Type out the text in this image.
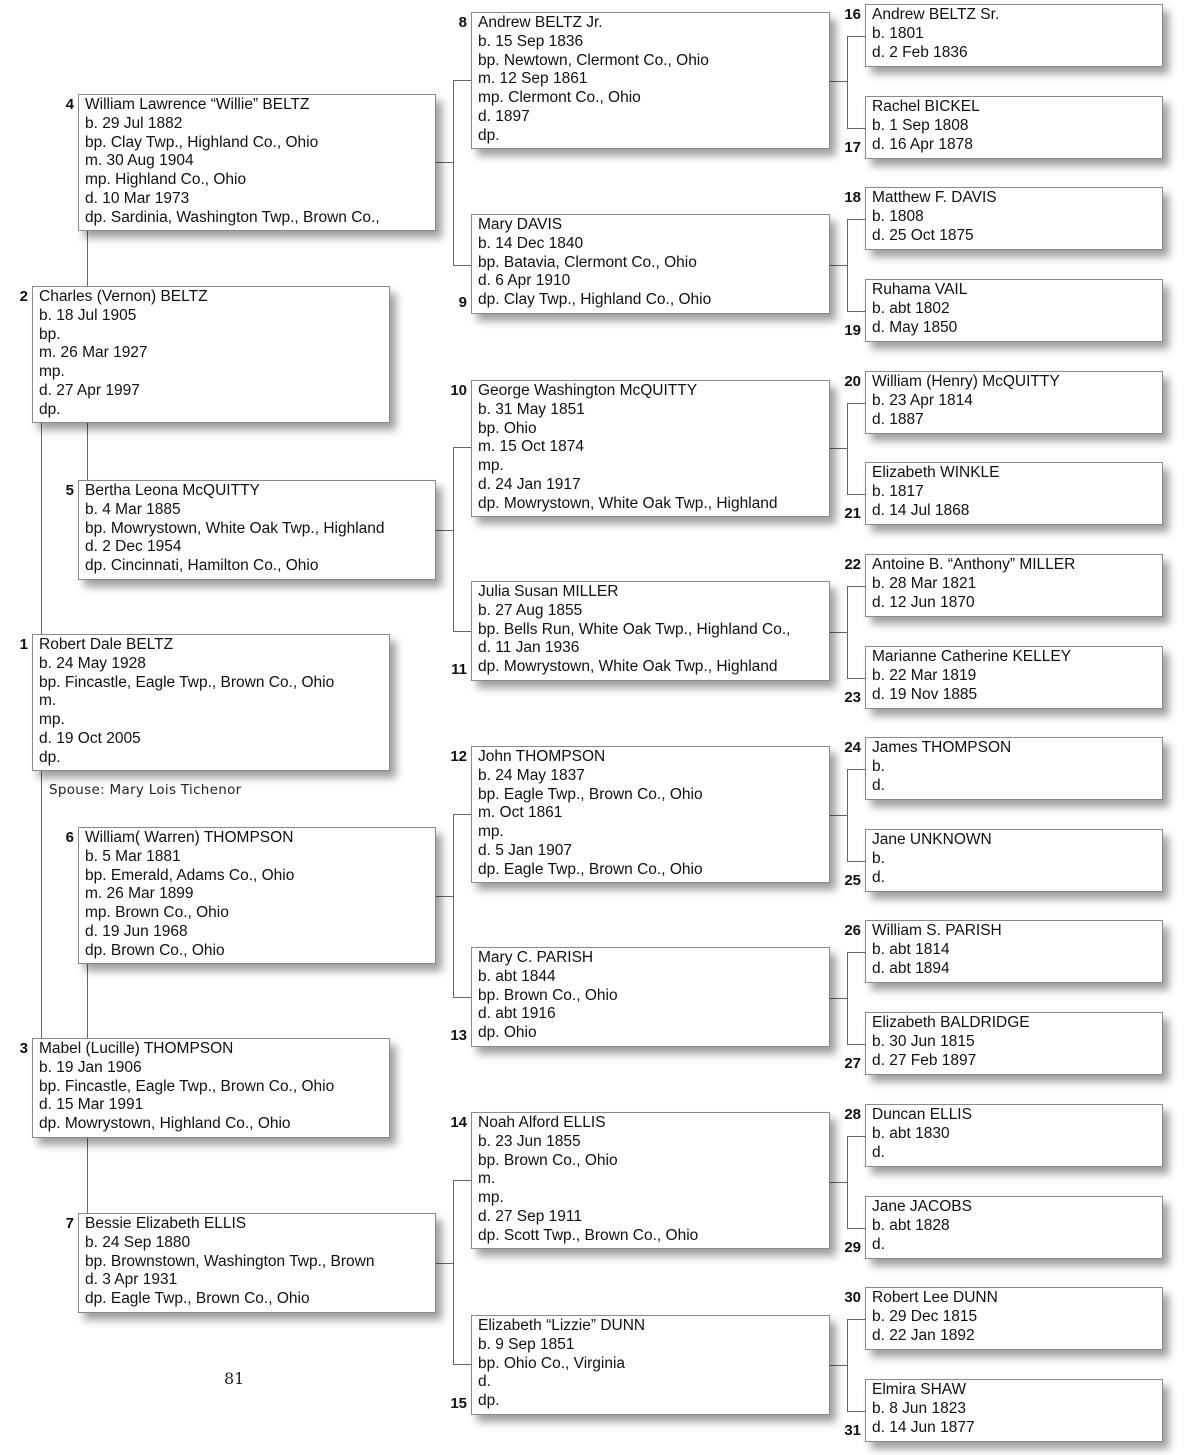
Robert Dale BELTZ
b. 24 May 1928
bp. Fincastle, Eagle Twp., Brown Co., Ohio
m.
mp.
d. 19 Oct 2005
dp.
1
Charles (Vernon) BELTZ
b. 18 Jul 1905
bp.
m. 26 Mar 1927
mp.
d. 27 Apr 1997
dp.
2
Mabel (Lucille) THOMPSON
b. 19 Jan 1906
bp. Fincastle, Eagle Twp., Brown Co., Ohio
d. 15 Mar 1991
dp. Mowrystown, Highland Co., Ohio
3
William Lawrence “Willie” BELTZ
b. 29 Jul 1882
bp. Clay Twp., Highland Co., Ohio
m. 30 Aug 1904
mp. Highland Co., Ohio
d. 10 Mar 1973
dp. Sardinia, Washington Twp., Brown Co.,
4
Bertha Leona McQUITTY
b. 4 Mar 1885
bp. Mowrystown, White Oak Twp., Highland
d. 2 Dec 1954
dp. Cincinnati, Hamilton Co., Ohio
5
William( Warren) THOMPSON
b. 5 Mar 1881
bp. Emerald, Adams Co., Ohio
m. 26 Mar 1899
mp. Brown Co., Ohio
d. 19 Jun 1968
dp. Brown Co., Ohio
6
Bessie Elizabeth ELLIS
b. 24 Sep 1880
bp. Brownstown, Washington Twp., Brown
d. 3 Apr 1931
dp. Eagle Twp., Brown Co., Ohio
7
Andrew BELTZ Jr.
b. 15 Sep 1836
bp. Newtown, Clermont Co., Ohio
m. 12 Sep 1861
mp. Clermont Co., Ohio
d. 1897
dp.
8
Mary DAVIS
b. 14 Dec 1840
bp. Batavia, Clermont Co., Ohio
d. 6 Apr 1910
dp. Clay Twp., Highland Co., Ohio
9
George Washington McQUITTY
b. 31 May 1851
bp. Ohio
m. 15 Oct 1874
mp.
d. 24 Jan 1917
dp. Mowrystown, White Oak Twp., Highland
10
Julia Susan MILLER
b. 27 Aug 1855
bp. Bells Run, White Oak Twp., Highland Co.,
d. 11 Jan 1936
dp. Mowrystown, White Oak Twp., Highland
11
John THOMPSON
b. 24 May 1837
bp. Eagle Twp., Brown Co., Ohio
m. Oct 1861
mp.
d. 5 Jan 1907
dp. Eagle Twp., Brown Co., Ohio
12
Mary C. PARISH
b. abt 1844
bp. Brown Co., Ohio
d. abt 1916
dp. Ohio
13
Noah Alford ELLIS
b. 23 Jun 1855
bp. Brown Co., Ohio
m.
mp.
d. 27 Sep 1911
dp. Scott Twp., Brown Co., Ohio
14
Elizabeth “Lizzie” DUNN
b. 9 Sep 1851
bp. Ohio Co., Virginia
d.
dp.
15
Andrew BELTZ Sr.
b. 1801
d. 2 Feb 1836
16
Rachel BICKEL
b. 1 Sep 1808
d. 16 Apr 1878
17
Matthew F. DAVIS
b. 1808
d. 25 Oct 1875
18
Ruhama VAIL
b. abt 1802
d. May 1850
19
William (Henry) McQUITTY
b. 23 Apr 1814
d. 1887
20
Elizabeth WINKLE
b. 1817
d. 14 Jul 1868
21
Antoine B. “Anthony” MILLER
b. 28 Mar 1821
d. 12 Jun 1870
22
Marianne Catherine KELLEY
b. 22 Mar 1819
d. 19 Nov 1885
23
James THOMPSON
b.
d.
24
Jane UNKNOWN
b.
d.
25
William S. PARISH
b. abt 1814
d. abt 1894
26
Elizabeth BALDRIDGE
b. 30 Jun 1815
d. 27 Feb 1897
27
Duncan ELLIS
b. abt 1830
d.
28
Jane JACOBS
b. abt 1828
d.
29
Robert Lee DUNN
b. 29 Dec 1815
d. 22 Jan 1892
30
Elmira SHAW
b. 8 Jun 1823
d. 14 Jun 1877
31
Spouse: Mary Lois Tichenor
81
